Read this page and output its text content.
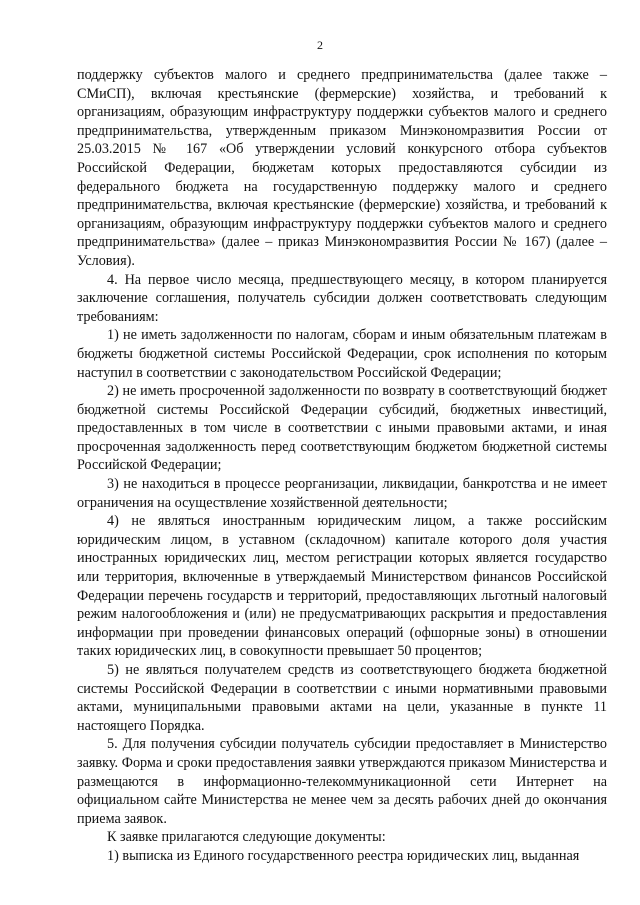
2

поддержку субъектов малого и среднего предпринимательства (далее также – СМиСП), включая крестьянские (фермерские) хозяйства, и требований к организациям, образующим инфраструктуру поддержки субъектов малого и среднего предпринимательства, утвержденным приказом Минэкономразвития России от 25.03.2015 № 167 «Об утверждении условий конкурсного отбора субъектов Российской Федерации, бюджетам которых предоставляются субсидии из федерального бюджета на государственную поддержку малого и среднего предпринимательства, включая крестьянские (фермерские) хозяйства, и требований к организациям, образующим инфраструктуру поддержки субъектов малого и среднего предпринимательства» (далее – приказ Минэкономразвития России № 167) (далее –Условия).

4. На первое число месяца, предшествующего месяцу, в котором планируется заключение соглашения, получатель субсидии должен соответствовать следующим требованиям:

1) не иметь задолженности по налогам, сборам и иным обязательным платежам в бюджеты бюджетной системы Российской Федерации, срок исполнения по которым наступил в соответствии с законодательством Российской Федерации;

2) не иметь просроченной задолженности по возврату в соответствующий бюджет бюджетной системы Российской Федерации субсидий, бюджетных инвестиций, предоставленных в том числе в соответствии с иными правовыми актами, и иная просроченная задолженность перед соответствующим бюджетом бюджетной системы Российской Федерации;

3) не находиться в процессе реорганизации, ликвидации, банкротства и не имеет ограничения на осуществление хозяйственной деятельности;

4) не являться иностранным юридическим лицом, а также российским юридическим лицом, в уставном (складочном) капитале которого доля участия иностранных юридических лиц, местом регистрации которых является государство или территория, включенные в утверждаемый Министерством финансов Российской Федерации перечень государств и территорий, предоставляющих льготный налоговый режим налогообложения и (или) не предусматривающих раскрытия и предоставления информации при проведении финансовых операций (офшорные зоны) в отношении таких юридических лиц, в совокупности превышает 50 процентов;

5) не являться получателем средств из соответствующего бюджета бюджетной системы Российской Федерации в соответствии с иными нормативными правовыми актами, муниципальными правовыми актами на цели, указанные в пункте 11 настоящего Порядка.

5. Для получения субсидии получатель субсидии предоставляет в Министерство заявку. Форма и сроки предоставления заявки утверждаются приказом Министерства и размещаются в информационно-телекоммуникационной сети Интернет на официальном сайте Министерства не менее чем за десять рабочих дней до окончания приема заявок.

К заявке прилагаются следующие документы:

1) выписка из Единого государственного реестра юридических лиц, выданная
